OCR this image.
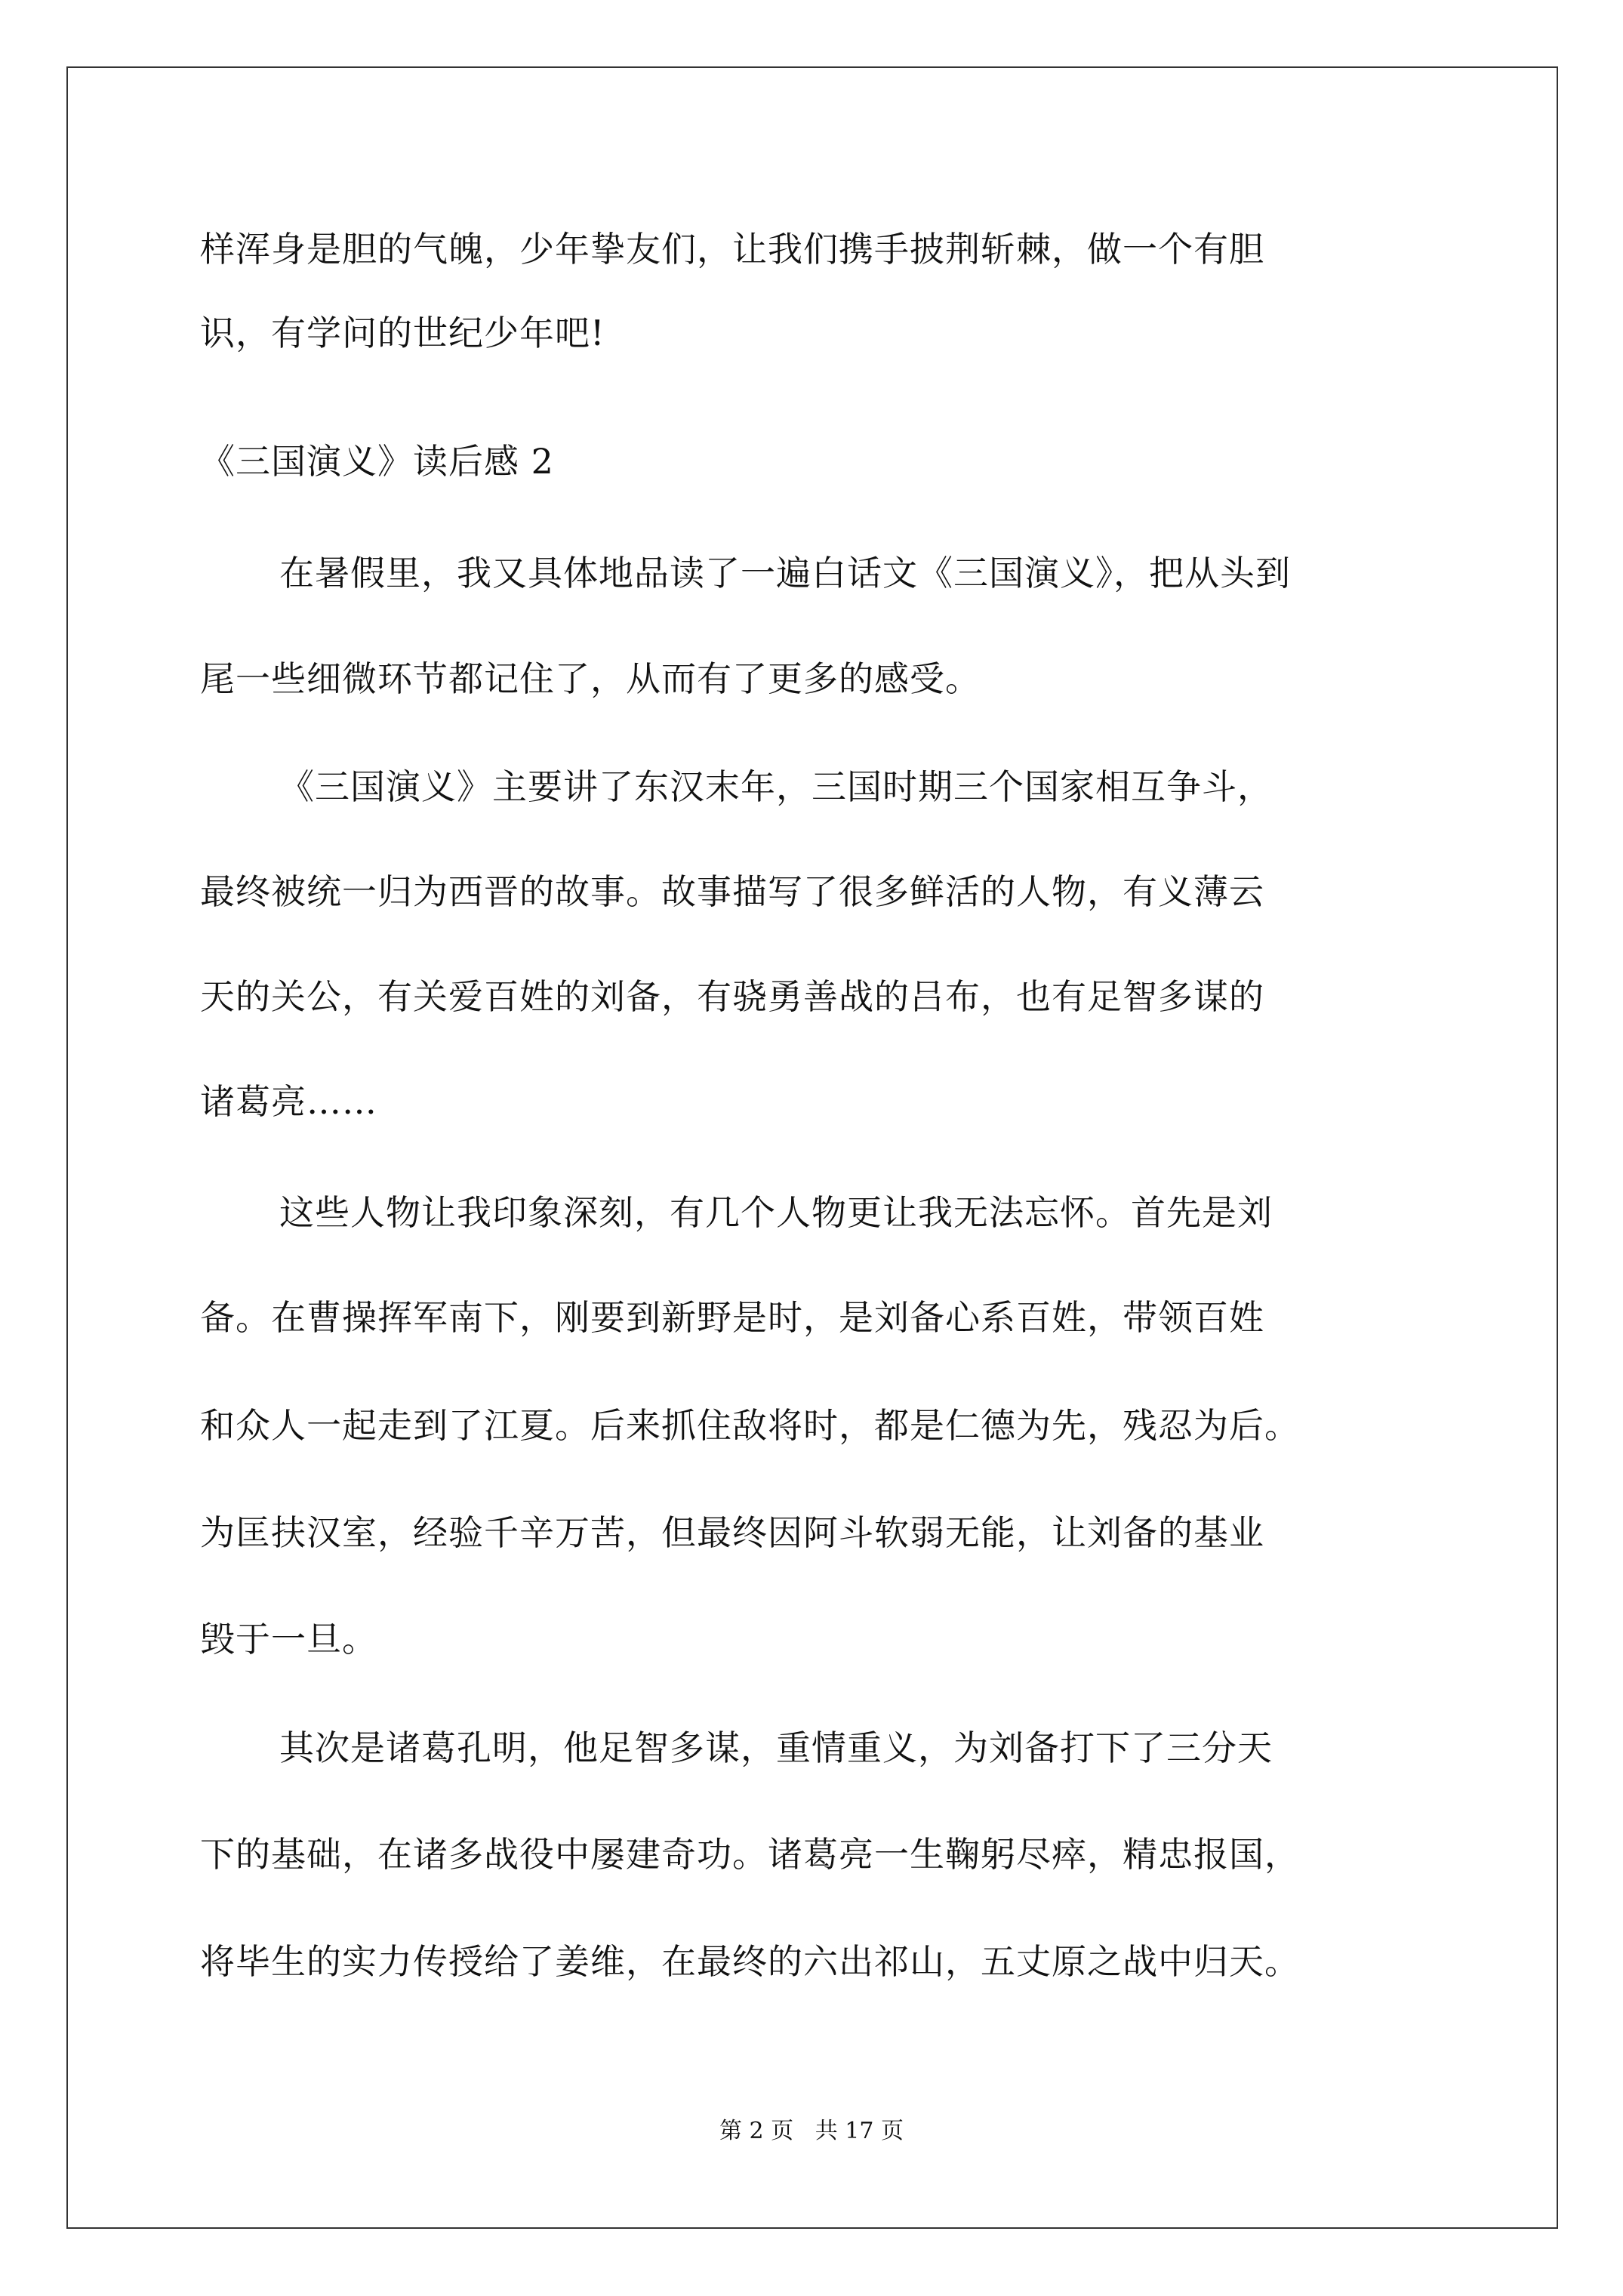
样浑身是胆的气魄，少年挚友们，让我们携手披荆斩棘，做一个有胆
识，有学问的世纪少年吧!
《三国演义》读后感 2
在暑假里，我又具体地品读了一遍白话文《三国演义》，把从头到
尾一些细微环节都记住了，从而有了更多的感受。
《三国演义》主要讲了东汉末年，三国时期三个国家相互争斗，
最终被统一归为西晋的故事。故事描写了很多鲜活的人物，有义薄云
天的关公，有关爱百姓的刘备，有骁勇善战的吕布，也有足智多谋的
诸葛亮……
这些人物让我印象深刻，有几个人物更让我无法忘怀。首先是刘
备。在曹操挥军南下，刚要到新野是时，是刘备心系百姓，带领百姓
和众人一起走到了江夏。后来抓住敌将时，都是仁德为先，残忍为后。
为匡扶汉室，经验千辛万苦，但最终因阿斗软弱无能，让刘备的基业
毁于一旦。
其次是诸葛孔明，他足智多谋，重情重义，为刘备打下了三分天
下的基础，在诸多战役中屡建奇功。诸葛亮一生鞠躬尽瘁，精忠报国，
将毕生的实力传授给了姜维，在最终的六出祁山，五丈原之战中归天。
第 2 页   共 17 页
